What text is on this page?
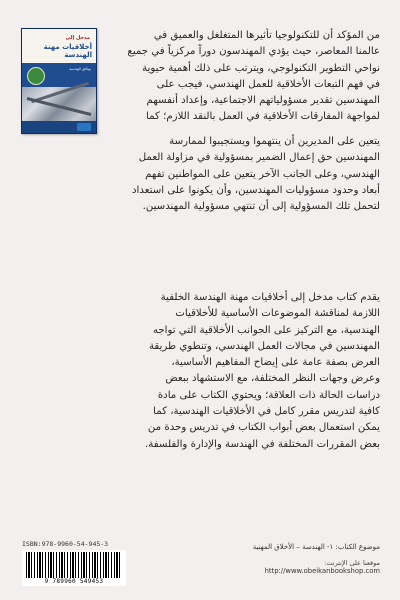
مدخل إلى
أخلاقيات مهنة الهندسة
بوثائق الهندسة
من المؤكد أن للتكنولوجيا تأثيرها المتغلغل والعميق في
عالمنا المعاصر، حيث يؤدي المهندسون دوراً مركزياً في جميع
نواحي التطوير التكنولوجي، ويترتب على ذلك أهمية حيوية
في فهم التبعات الأخلاقية للعمل الهندسي، فيجب على
المهندسين تقدير مسؤولياتهم الاجتماعية، وإعداد أنفسهم
لمواجهة المفارقات الأخلاقية في العمل بالنقد اللازم؛ كما
يتعين على المديرين أن ينتهموا ويستجيبوا لممارسة
المهندسين حق إعمال الضمير بمسؤولية في مزاولة العمل
الهندسي، وعلى الجانب الآخر يتعين على المواطنين تفهم
أبعاد وحدود مسؤوليات المهندسين، وأن يكونوا على استعداد
لتحمل تلك المسؤولية إلى أن تنتهي مسؤولية المهندسين.
يقدم كتاب مدخل إلى أخلاقيات مهنة الهندسة الخلفية
اللازمة لمناقشة الموضوعات الأساسية للأخلاقيات
الهندسية، مع التركيز على الجوانب الأخلاقية التي تواجه
المهندسين في مجالات العمل الهندسي، وتنطوي طريقة
العرض بصفة عامة على إيضاح المفاهيم الأساسية،
وعرض وجهات النظر المختلفة، مع الاستشهاد ببعض
دراسات الحالة ذات العلاقة؛ ويحتوي الكتاب على مادة
كافية لتدريس مقرر كامل في الأخلاقيات الهندسية، كما
يمكن استعمال بعض أبواب الكتاب في تدريس وحدة من
بعض المقررات المختلفة في الهندسة والإدارة والفلسفة.
ISBN:978-9960-54-945-3
9 789960 549453
موضوع الكتاب: ١- الهندسة – الأخلاق المهنية
موقعنا على الإنترنت:
http://www.obeikanbookshop.com
